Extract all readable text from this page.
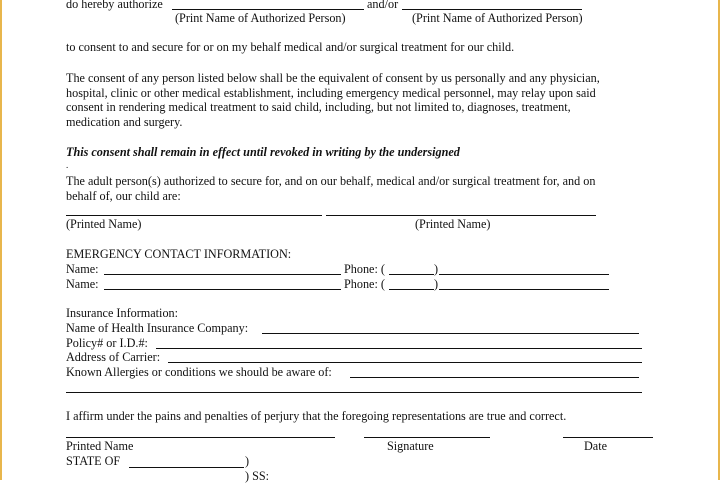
do hereby authorize	and/or
(Print Name of Authorized Person)	(Print Name of Authorized Person)
to consent to and secure for or on my behalf medical and/or surgical treatment for our child.
The consent of any person listed below shall be the equivalent of consent by us personally and any physician,
hospital, clinic or other medical establishment, including emergency medical personnel, may relay upon said
consent in rendering medical treatment to said child, including, but not limited to, diagnoses, treatment,
medication and surgery.
This consent shall remain in effect until revoked in writing by the undersigned
.
The adult person(s) authorized to secure for, and on our behalf, medical and/or surgical treatment for, and on
behalf of, our child are:
(Printed Name)	(Printed Name)
EMERGENCY CONTACT INFORMATION:
Name:	Phone: (	)
Name:	Phone: (	)
Insurance Information:
Name of Health Insurance Company:
Policy# or I.D.#:
Address of Carrier:
Known Allergies or conditions we should be aware of:
I affirm under the pains and penalties of perjury that the foregoing representations are true and correct.
Printed Name	Signature	Date
STATE OF	)
) SS:
